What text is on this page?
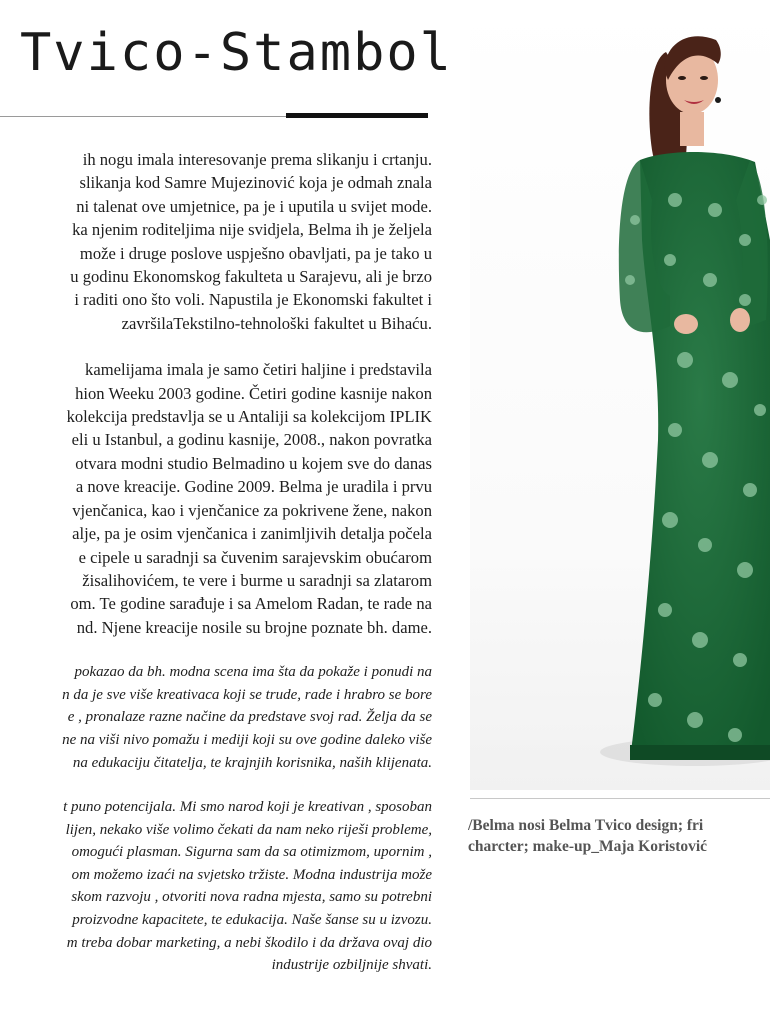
Tvico-Stambol
ih nogu imala interesovanje prema slikanju i crtanju.
slikanja kod Samre Mujezinović koja je odmah znala
ni talenat ove umjetnice, pa je i uputila u svijet mode.
ka njenim roditeljima nije svidjela, Belma ih je željela
može i druge poslove uspješno obavljati, pa je tako u
u godinu Ekonomskog fakulteta u Sarajevu, ali je brzo
i raditi ono što voli. Napustila je Ekonomski fakultet i
završilaTekstilno-tehnološki fakultet u Bihaću.
kamelijama imala je samo četiri haljine i predstavila
hion Weeku 2003 godine. Četiri godine kasnije nakon
kolekcija predstavlja se u Antaliji sa kolekcijom IPLIK
eli u Istanbul, a godinu kasnije, 2008., nakon povratka
otvara modni studio Belmadino u kojem sve do danas
a nove kreacije. Godine 2009. Belma je uradila i prvu
vjenčanica, kao i vjenčanice za pokrivene žene, nakon
alje, pa je osim vjenčanica i zanimljivih detalja počela
e cipele u saradnji sa čuvenim sarajevskim obućarom
žisalihovićem, te vere i burme u saradnji sa zlatarom
om. Te godine sarađuje i sa Amelom Radan, te rade na
nd. Njene kreacije nosile su brojne poznate bh. dame.
pokazao da bh. modna scena ima šta da pokaže i ponudi na
n da je sve više kreativaca koji se trude, rade i hrabro se bore
e , pronalaze razne načine da predstave svoj rad. Želja da se
ne na viši nivo pomažu i mediji koji su ove godine daleko više
na edukaciju čitatelja, te krajnjih korisnika, naših klijenata.
t puno potencijala. Mi smo narod koji je kreativan , sposoban
lijen, nekako više volimo čekati da nam neko riješi probleme,
omogući plasman. Sigurna sam da sa otimizmom, upornim ,
om možemo izaći na svjetsko tržiste. Modna industrija može
skom razvoju , otvoriti nova radna mjesta, samo su potrebni
proizvodne kapacitete, te edukacija. Naše šanse su u izvozu.
m treba dobar marketing, a nebi škodilo i da država ovaj dio
industrije ozbiljnije shvati.
/Belma nosi Belma Tvico design; fri
charcter; make-up_Maja Koristović
